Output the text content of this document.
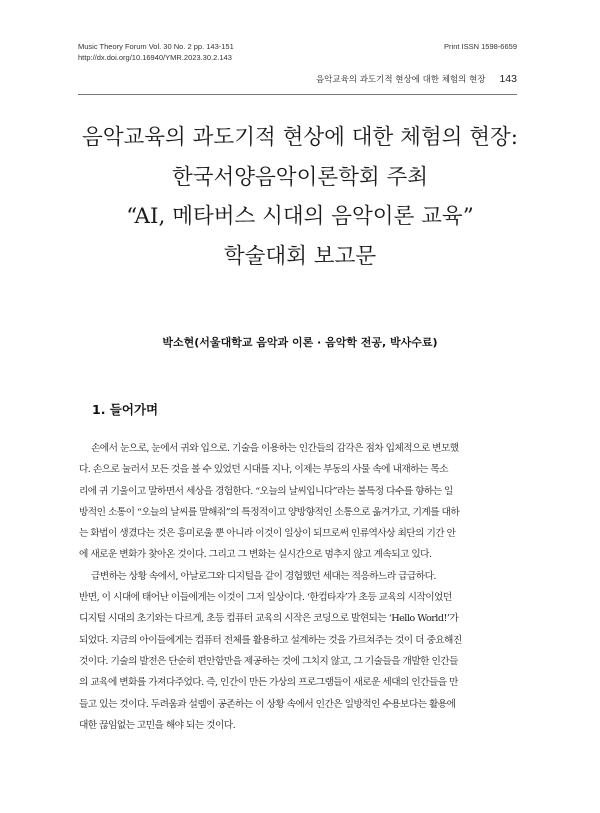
Music Theory Forum Vol. 30 No. 2 pp. 143-151
http://dx.doi.org/10.16940/YMR.2023.30.2.143
Print ISSN 1598-6659
음악교육의 과도기적 현상에 대한 체험의 현장 143
음악교육의 과도기적 현상에 대한 체험의 현장:
한국서양음악이론학회 주최
“AI, 메타버스 시대의 음악이론 교육”
학술대회 보고문
박소현(서울대학교 음악과 이론 · 음악학 전공, 박사수료)
1. 들어가며
손에서 눈으로, 눈에서 귀와 입으로. 기술을 이용하는 인간들의 감각은 점차 입체적으로 변모했
다. 손으로 눌러서 모든 것을 볼 수 있었던 시대를 지나, 이제는 부동의 사물 속에 내재하는 목소
리에 귀 기울이고 말하면서 세상을 경험한다. “오늘의 날씨입니다”라는 불특정 다수를 향하는 일
방적인 소통이 “오늘의 날씨를 말해줘”의 특정적이고 양방향적인 소통으로 옮겨가고, 기계를 대하
는 화법이 생겼다는 것은 흥미로울 뿐 아니라 이것이 일상이 되므로써 인류역사상 최단의 기간 안
에 새로운 변화가 찾아온 것이다. 그리고 그 변화는 실시간으로 멈추지 않고 계속되고 있다.
급변하는 상황 속에서, 아날로그와 디지털을 같이 경험했던 세대는 적응하느라 급급하다.
반면, 이 시대에 태어난 이들에게는 이것이 그저 일상이다. ‘한컴타자’가 초등 교육의 시작이었던
디지털 시대의 초기와는 다르게, 초등 컴퓨터 교육의 시작은 코딩으로 발현되는 ‘Hello World!’가
되었다. 지금의 아이들에게는 컴퓨터 전체를 활용하고 설계하는 것을 가르쳐주는 것이 더 중요해진
것이다. 기술의 발전은 단순히 편안함만을 제공하는 것에 그치지 않고, 그 기술들을 개발한 인간들
의 교육에 변화를 가져다주었다. 즉, 인간이 만든 가상의 프로그램들이 새로운 세대의 인간들을 만
들고 있는 것이다. 두려움과 설렘이 공존하는 이 상황 속에서 인간은 일방적인 수용보다는 활용에
대한 끊임없는 고민을 해야 되는 것이다.
